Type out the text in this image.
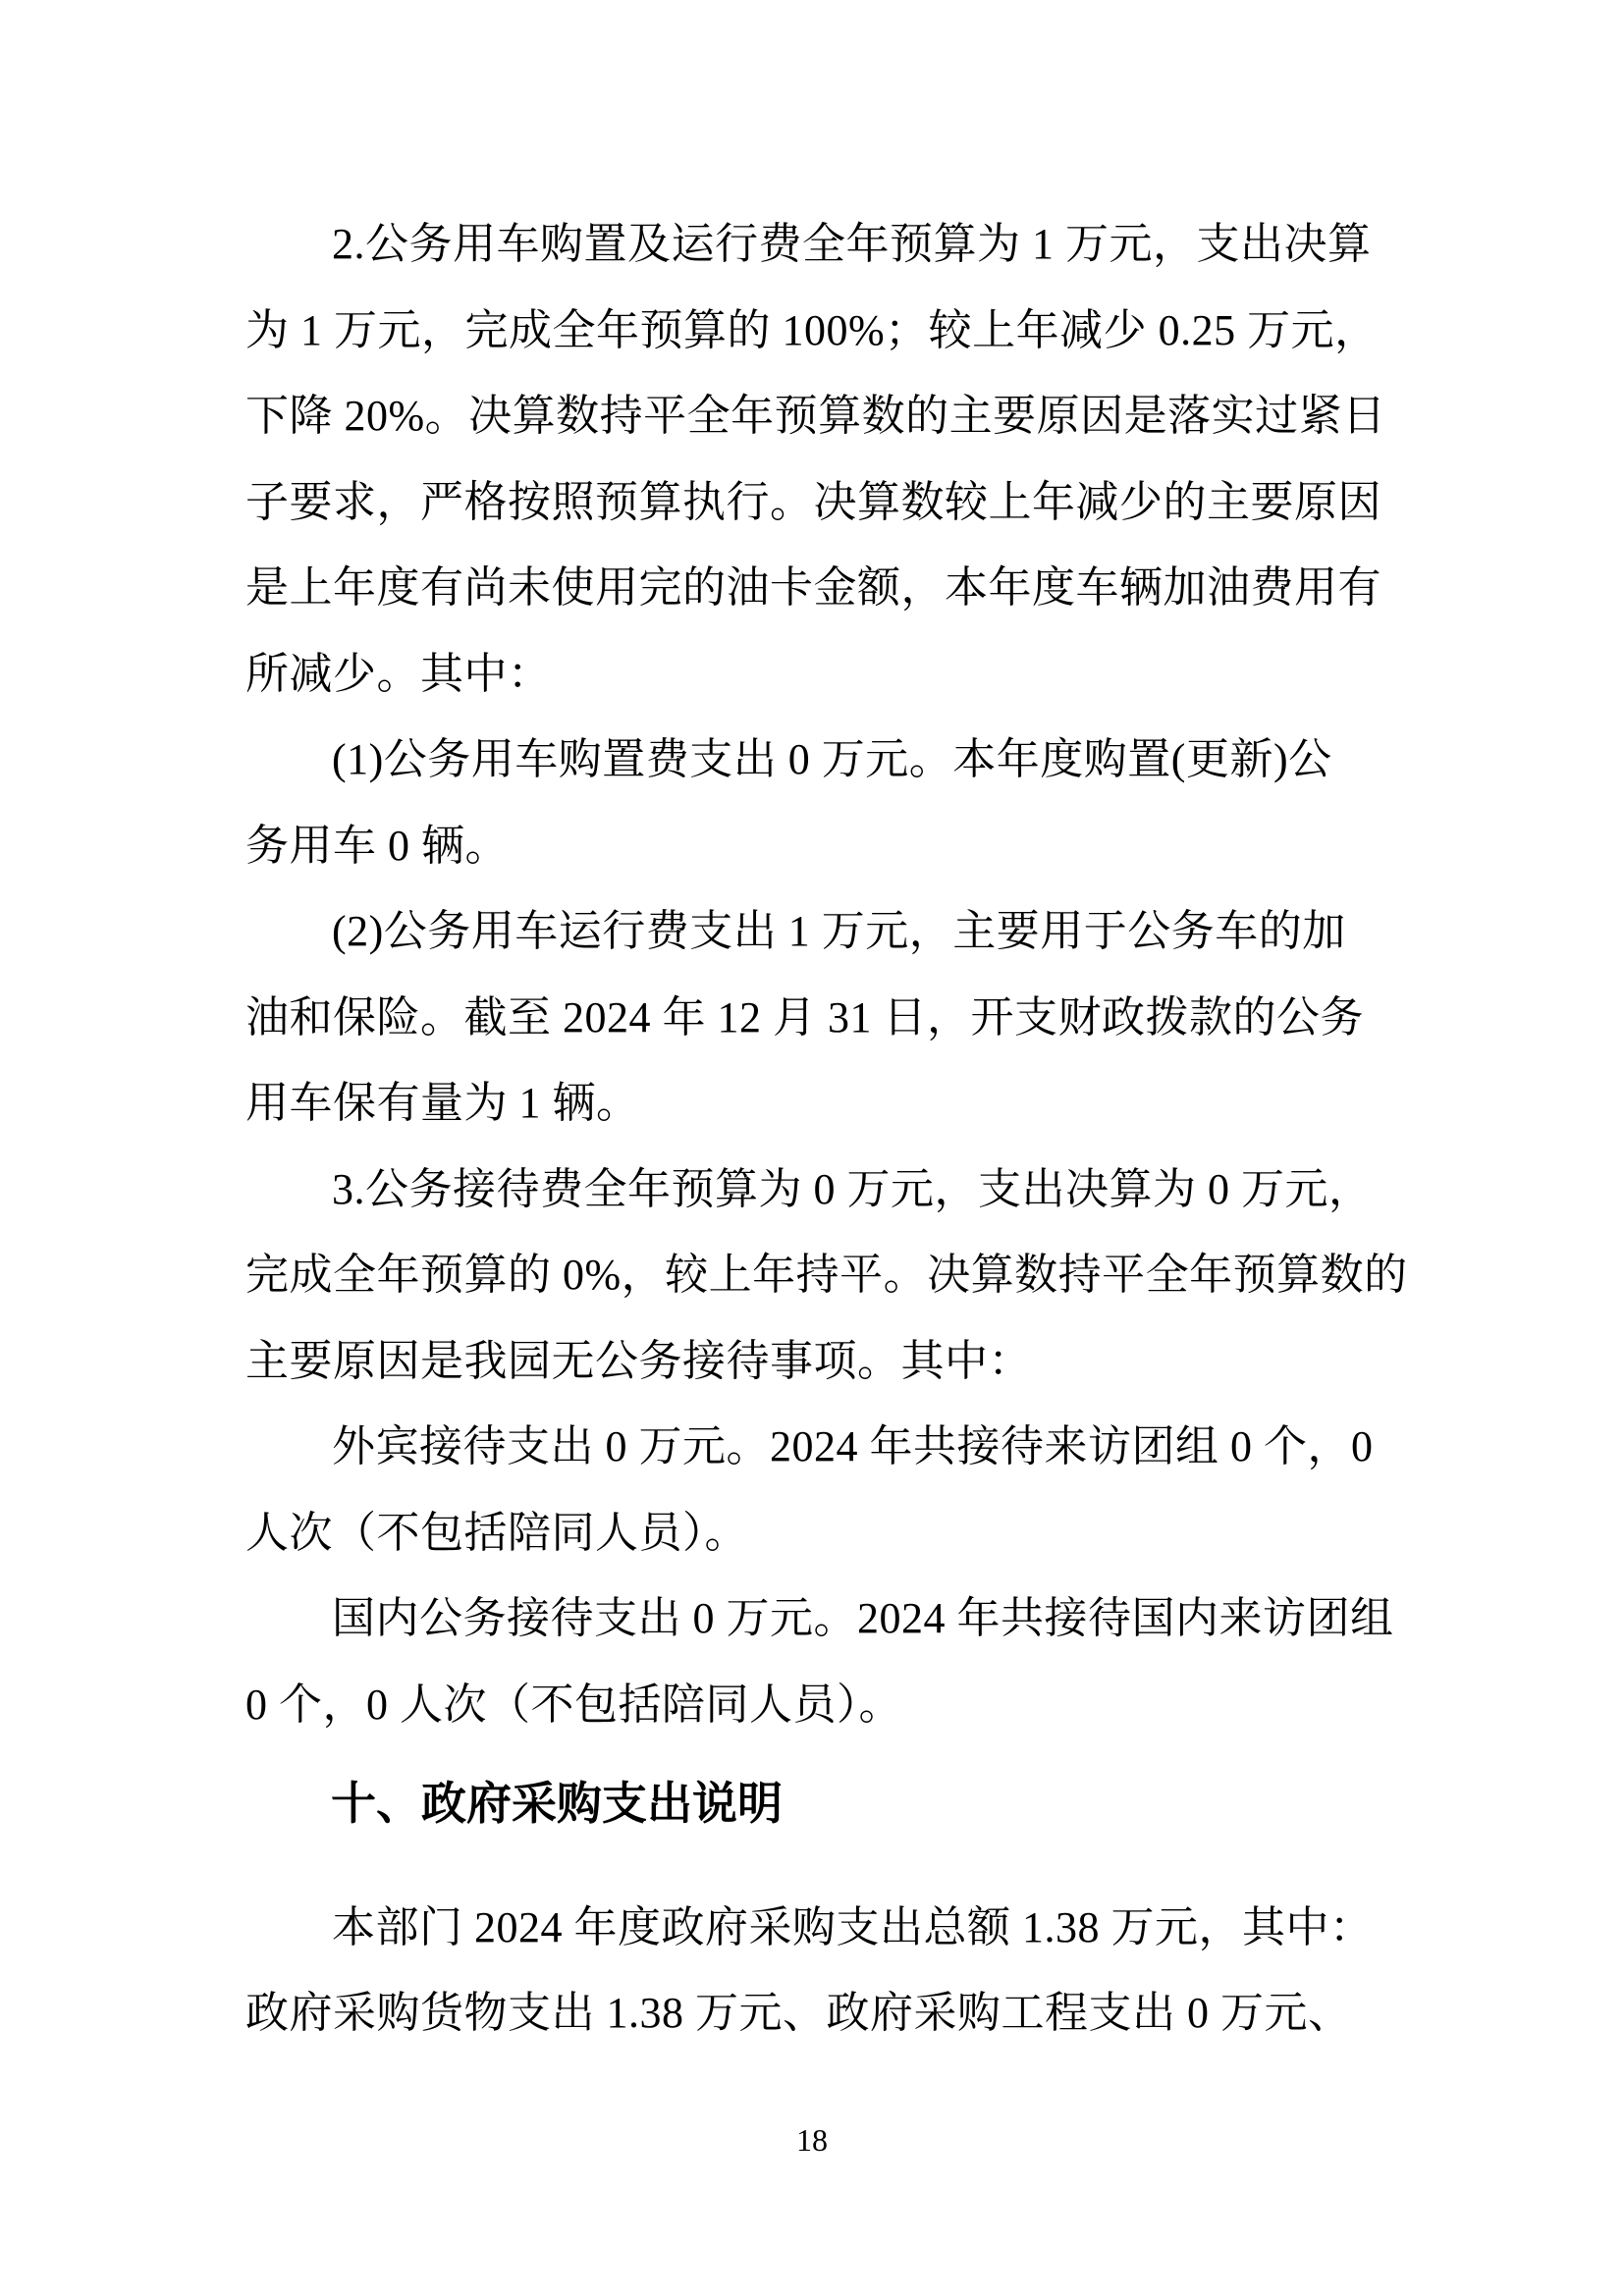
2.公务用车购置及运行费全年预算为 1 万元，支出决算
为 1 万元，完成全年预算的 100%；较上年减少 0.25 万元，
下降 20%。决算数持平全年预算数的主要原因是落实过紧日
子要求，严格按照预算执行。决算数较上年减少的主要原因
是上年度有尚未使用完的油卡金额，本年度车辆加油费用有
所减少。其中：
(1)公务用车购置费支出 0 万元。本年度购置(更新)公
务用车 0 辆。
(2)公务用车运行费支出 1 万元，主要用于公务车的加
油和保险。截至 2024 年 12 月 31 日，开支财政拨款的公务
用车保有量为 1 辆。
3.公务接待费全年预算为 0 万元，支出决算为 0 万元，
完成全年预算的 0%，较上年持平。决算数持平全年预算数的
主要原因是我园无公务接待事项。其中：
外宾接待支出 0 万元。2024 年共接待来访团组 0 个，0
人次（不包括陪同人员）。
国内公务接待支出 0 万元。2024 年共接待国内来访团组
0 个，0 人次（不包括陪同人员）。
十、政府采购支出说明
本部门 2024 年度政府采购支出总额 1.38 万元，其中：
政府采购货物支出 1.38 万元、政府采购工程支出 0 万元、
18
